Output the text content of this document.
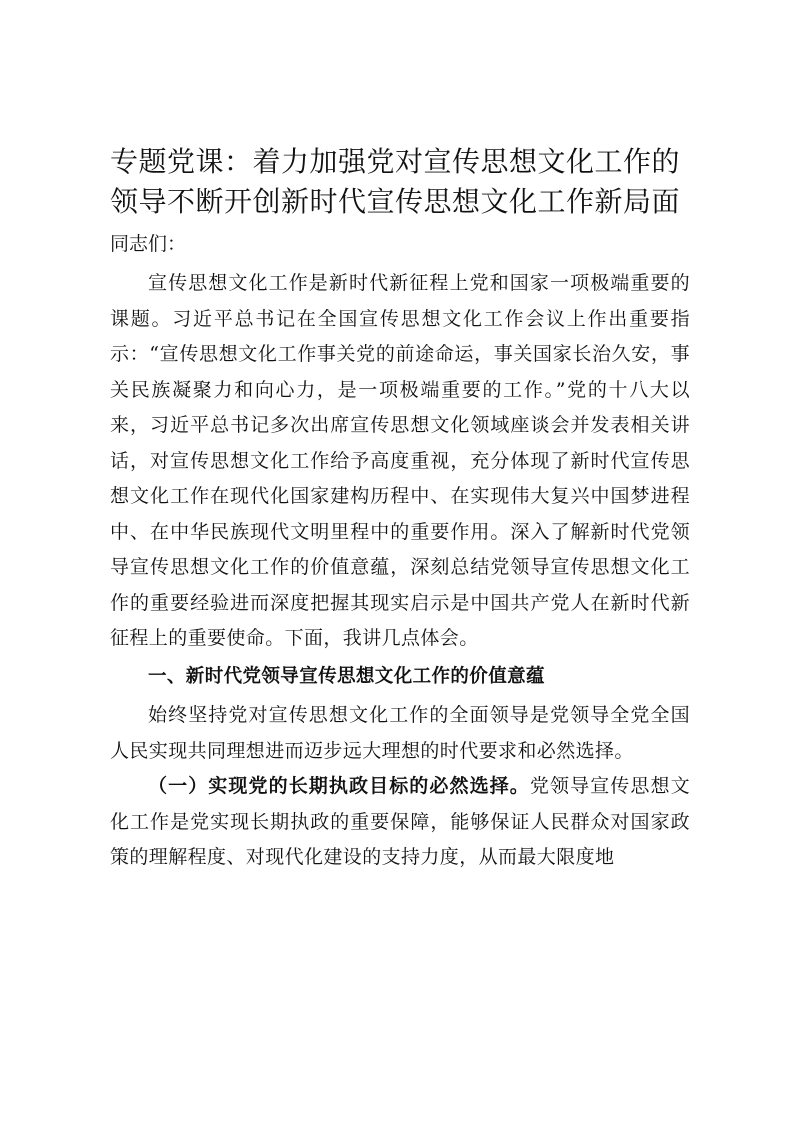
专题党课：着力加强党对宣传思想文化工作的
领导不断开创新时代宣传思想文化工作新局面
同志们：

宣传思想文化工作是新时代新征程上党和国家一项极端重要的课题。习近平总书记在全国宣传思想文化工作会议上作出重要指示：“宣传思想文化工作事关党的前途命运，事关国家长治久安，事关民族凝聚力和向心力，是一项极端重要的工作。”党的十八大以来，习近平总书记多次出席宣传思想文化领域座谈会并发表相关讲话，对宣传思想文化工作给予高度重视，充分体现了新时代宣传思想文化工作在现代化国家建构历程中、在实现伟大复兴中国梦进程中、在中华民族现代文明里程中的重要作用。深入了解新时代党领导宣传思想文化工作的价值意蕴，深刻总结党领导宣传思想文化工作的重要经验进而深度把握其现实启示是中国共产党人在新时代新征程上的重要使命。下面，我讲几点体会。

一、新时代党领导宣传思想文化工作的价值意蕴

始终坚持党对宣传思想文化工作的全面领导是党领导全党全国人民实现共同理想进而迈步远大理想的时代要求和必然选择。

（一）实现党的长期执政目标的必然选择。党领导宣传思想文化工作是党实现长期执政的重要保障，能够保证人民群众对国家政策的理解程度、对现代化建设的支持力度，从而最大限度地
